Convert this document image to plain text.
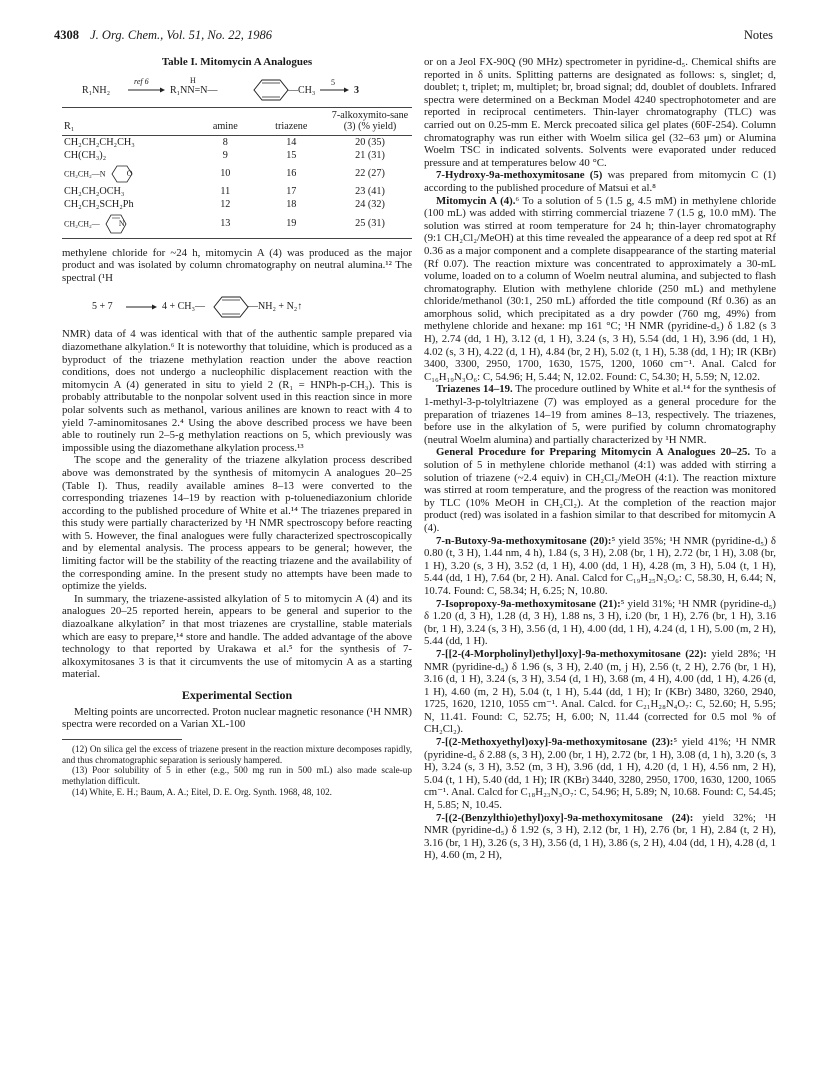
4308 J. Org. Chem., Vol. 51, No. 22, 1986	Notes
Table I. Mitomycin A Analogues
R₁NH₂
ref 6	H
R₁NN=N—	—CH₃
5
3

R₁	amine	triazene	7-alkoxymito-sane (3) (% yield)
CH₂CH₂CH₂CH₃	8	14	20 (35)
CH(CH₃)₂	9	15	21 (31)
CH₂CH₂—N O	10	16	22 (27)
CH₂CH₂OCH₃	11	17	23 (41)
CH₂CH₂SCH₂Ph	12	18	24 (32)
CH₂CH₂— N	13	19	25 (31)

methylene chloride for ~24 h, mitomycin A (4) was produced as the major product and was isolated by column chromatography on neutral alumina.¹² The spectral (¹H

5 + 7	4 + CH₃—	—NH₂ + N₂↑

NMR) data of 4 was identical with that of the authentic sample prepared via diazomethane alkylation.⁶ It is noteworthy that toluidine, which is produced as a byproduct of the triazene methylation reaction under the above reaction conditions, does not undergo a nucleophilic displacement reaction with the mitomycin A (4) generated in situ to yield 2 (R₁ = HNPh-p-CH₃). This is probably attributable to the nonpolar solvent used in this reaction since in more polar solvents such as methanol, various anilines are known to react with 4 to yield 7-aminomitosanes 2.⁴ Using the above described process we have been able to routinely run 2–5-g methylation reactions on 5, which previously was impossible using the diazomethane alkylation process.¹³

The scope and the generality of the triazene alkylation process described above was demonstrated by the synthesis of mitomycin A analogues 20–25 (Table I). Thus, readily available amines 8–13 were converted to the corresponding triazenes 14–19 by reaction with p-toluenediazonium chloride according to the published procedure of White et al.¹⁴ The triazenes prepared in this study were partially characterized by ¹H NMR spectroscopy before reacting with 5. However, the final analogues were fully characterized spectroscopically and by elemental analysis. The process appears to be general; however, the limiting factor will be the stability of the reacting triazene and the availability of the corresponding amine. In the present study no attempts have been made to optimize the yields.

In summary, the triazene-assisted alkylation of 5 to mitomycin A (4) and its analogues 20–25 reported herein, appears to be general and superior to the diazoalkane alkylation⁷ in that most triazenes are crystalline, stable materials which are easy to prepare,¹⁴ store and handle. The added advantage of the above technology to that reported by Urakawa et al.⁵ for the synthesis of 7-alkoxymitosanes 3 is that it circumvents the use of mitomycin A as a starting material.

Experimental Section

Melting points are uncorrected. Proton nuclear magnetic resonance (¹H NMR) spectra were recorded on a Varian XL-100

(12) On silica gel the excess of triazene present in the reaction mixture decomposes rapidly, and thus chromatographic separation is seriously hampered.

(13) Poor solubility of 5 in ether (e.g., 500 mg run in 500 mL) also made scale-up methylation difficult.

(14) White, E. H.; Baum, A. A.; Eitel, D. E. Org. Synth. 1968, 48, 102.

or on a Jeol FX-90Q (90 MHz) spectrometer in pyridine-d₅. Chemical shifts are reported in δ units. Splitting patterns are designated as follows: s, singlet; d, doublet; t, triplet; m, multiplet; br, broad signal; dd, doublet of doublets. Infrared spectra were determined on a Beckman Model 4240 spectrophotometer and are reported in reciprocal centimeters. Thin-layer chromatography (TLC) was carried out on 0.25-mm E. Merck precoated silica gel plates (60F-254). Column chromatography was run either with Woelm silica gel (32–63 μm) or Alumina Woelm TSC in indicated solvents. Solvents were evaporated under reduced pressure and at temperatures below 40 °C.

7-Hydroxy-9a-methoxymitosane (5) was prepared from mitomycin C (1) according to the published procedure of Matsui et al.⁸

Mitomycin A (4).⁶ To a solution of 5 (1.5 g, 4.5 mM) in methylene chloride (100 mL) was added with stirring commercial triazene 7 (1.5 g, 10.0 mM). The solution was stirred at room temperature for 24 h; thin-layer chromatography (9:1 CH₂Cl₂/MeOH) at this time revealed the appearance of a deep red spot at Rf 0.36 as a major component and a complete disappearance of the starting material (Rf 0.07). The reaction mixture was concentrated to approximately a 30-mL volume, loaded on to a column of Woelm neutral alumina, and subjected to flash chromatography. Elution with methylene chloride (250 mL) and methylene chloride/methanol (30:1, 250 mL) afforded the title compound (Rf 0.36) as an amorphous solid, which precipitated as a dry powder (760 mg, 49%) from methylene chloride and hexane: mp 161 °C; ¹H NMR (pyridine-d₅) δ 1.82 (s 3 H), 2.74 (dd, 1 H), 3.12 (d, 1 H), 3.24 (s, 3 H), 5.54 (dd, 1 H), 3.96 (dd, 1 H), 4.02 (s, 3 H), 4.22 (d, 1 H), 4.84 (br, 2 H), 5.02 (t, 1 H), 5.38 (dd, 1 H); IR (KBr) 3400, 3300, 2950, 1700, 1630, 1575, 1200, 1060 cm⁻¹. Anal. Calcd for C₁₆H₁₉N₃O₆: C, 54.96; H, 5.44; N, 12.02. Found: C, 54.30; H, 5.59; N, 12.02.

Triazenes 14–19. The procedure outlined by White et al.¹⁴ for the synthesis of 1-methyl-3-p-tolyltriazene (7) was employed as a general procedure for the preparation of triazenes 14–19 from amines 8–13, respectively. The triazenes, before use in the alkylation of 5, were purified by column chromatography (neutral Woelm alumina) and partially characterized by ¹H NMR.

General Procedure for Preparing Mitomycin A Analogues 20–25. To a solution of 5 in methylene chloride methanol (4:1) was added with stirring a solution of triazene (~2.4 equiv) in CH₂Cl₂/MeOH (4:1). The reaction mixture was stirred at room temperature, and the progress of the reaction was monitored by TLC (10% MeOH in CH₂Cl₂). At the completion of the reaction major product (red) was isolated in a fashion similar to that described for mitomycin A (4).

7-n-Butoxy-9a-methoxymitosane (20):⁵ yield 35%; ¹H NMR (pyridine-d₅) δ 0.80 (t, 3 H), 1.44 nm, 4 h), 1.84 (s, 3 H), 2.08 (br, 1 H), 2.72 (br, 1 H), 3.08 (br, 1 H), 3.20 (s, 3 H), 3.52 (d, 1 H), 4.00 (dd, 1 H), 4.28 (m, 3 H), 5.04 (t, 1 H), 5.44 (dd, 1 H), 7.64 (br, 2 H). Anal. Calcd for C₁₉H₂₅N₃O₆: C, 58.30, H, 6.44; N, 10.74. Found: C, 58.34; H, 6.25; N, 10.80.

7-Isopropoxy-9a-methoxymitosane (21):⁵ yield 31%; ¹H NMR (pyridine-d₅) δ 1.20 (d, 3 H), 1.28 (d, 3 H), 1.88 ns, 3 H), i.20 (br, 1 H), 2.76 (br, 1 H), 3.16 (br, 1 H), 3.24 (s, 3 H), 3.56 (d, 1 H), 4.00 (dd, 1 H), 4.24 (d, 1 H), 5.00 (m, 2 H), 5.44 (dd, 1 H).

7-[[2-(4-Morpholinyl)ethyl]oxy]-9a-methoxymitosane (22): yield 28%; ¹H NMR (pyridine-d₅) δ 1.96 (s, 3 H), 2.40 (m, j H), 2.56 (t, 2 H), 2.76 (br, 1 H), 3.16 (d, 1 H), 3.24 (s, 3 H), 3.54 (d, 1 H), 3.68 (m, 4 H), 4.00 (dd, 1 H), 4.26 (d, 1 H), 4.60 (m, 2 H), 5.04 (t, 1 H), 5.44 (dd, 1 H); Ir (KBr) 3480, 3260, 2940, 1725, 1620, 1210, 1055 cm⁻¹. Anal. Calcd. for C₂₁H₂₈N₄O₇: C, 52.60; H, 5.95; N, 11.41. Found: C, 52.75; H, 6.00; N, 11.44 (corrected for 0.5 mol % of CH₂Cl₂).

7-[(2-Methoxyethyl)oxy]-9a-methoxymitosane (23):⁵ yield 41%; ¹H NMR (pyridine-d₅ δ 2.88 (s, 3 H), 2.00 (br, 1 H), 2.72 (br, 1 H), 3.08 (d, 1 h), 3.20 (s, 3 H), 3.24 (s, 3 H), 3.52 (m, 3 H), 3.96 (dd, 1 H), 4.20 (d, 1 H), 4.56 nm, 2 H), 5.04 (t, 1 H), 5.40 (dd, 1 H); IR (KBr) 3440, 3280, 2950, 1700, 1630, 1200, 1065 cm⁻¹. Anal. Calcd for C₁₈H₂₃N₃O₇: C, 54.96; H, 5.89; N, 10.68. Found: C, 54.45; H, 5.85; N, 10.45.

7-[(2-(Benzylthio)ethyl)oxy]-9a-methoxymitosane (24): yield 32%; ¹H NMR (pyridine-d₅) δ 1.92 (s, 3 H), 2.12 (br, 1 H), 2.76 (br, 1 H), 2.84 (t, 2 H), 3.16 (br, 1 H), 3.26 (s, 3 H), 3.56 (d, 1 H), 3.86 (s, 2 H), 4.04 (dd, 1 H), 4.28 (d, 1 H), 4.60 (m, 2 H),
